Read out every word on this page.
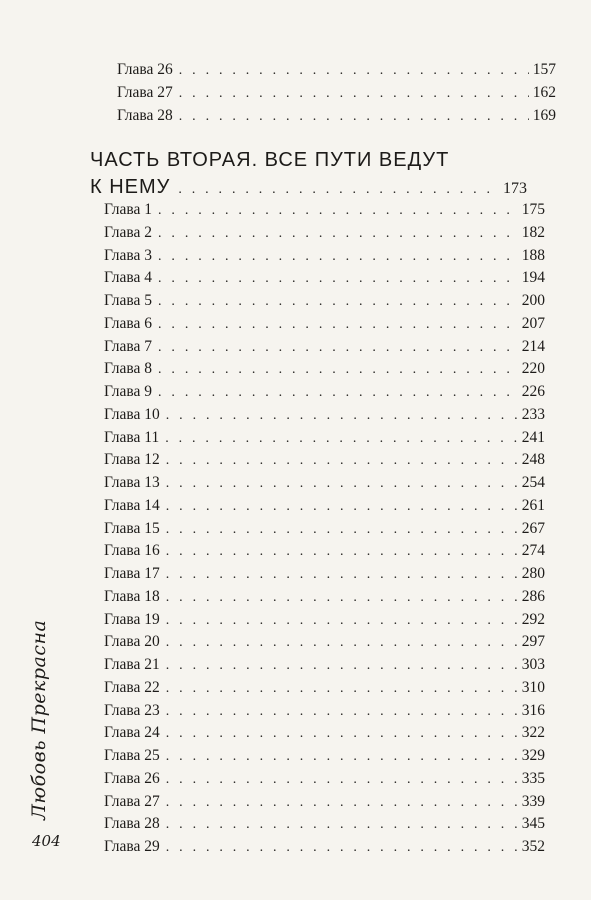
Глава 26 . . .	157
Глава 27 . . .	162
Глава 28 . . .	169
ЧАСТЬ ВТОРАЯ. ВСЕ ПУТИ ВЕДУТ
К НЕМУ . . .	173
Глава 1 . . .	175
Глава 2 . . .	182
Глава 3 . . .	188
Глава 4 . . .	194
Глава 5 . . .	200
Глава 6 . . .	207
Глава 7 . . .	214
Глава 8 . . .	220
Глава 9 . . .	226
Глава 10 . . .	233
Глава 11 . . .	241
Глава 12 . . .	248
Глава 13 . . .	254
Глава 14 . . .	261
Глава 15 . . .	267
Глава 16 . . .	274
Глава 17 . . .	280
Глава 18 . . .	286
Глава 19 . . .	292
Глава 20 . . .	297
Глава 21 . . .	303
Глава 22 . . .	310
Глава 23 . . .	316
Глава 24 . . .	322
Глава 25 . . .	329
Глава 26 . . .	335
Глава 27 . . .	339
Глава 28 . . .	345
Глава 29 . . .	352
Любовь Прекрасна
404
